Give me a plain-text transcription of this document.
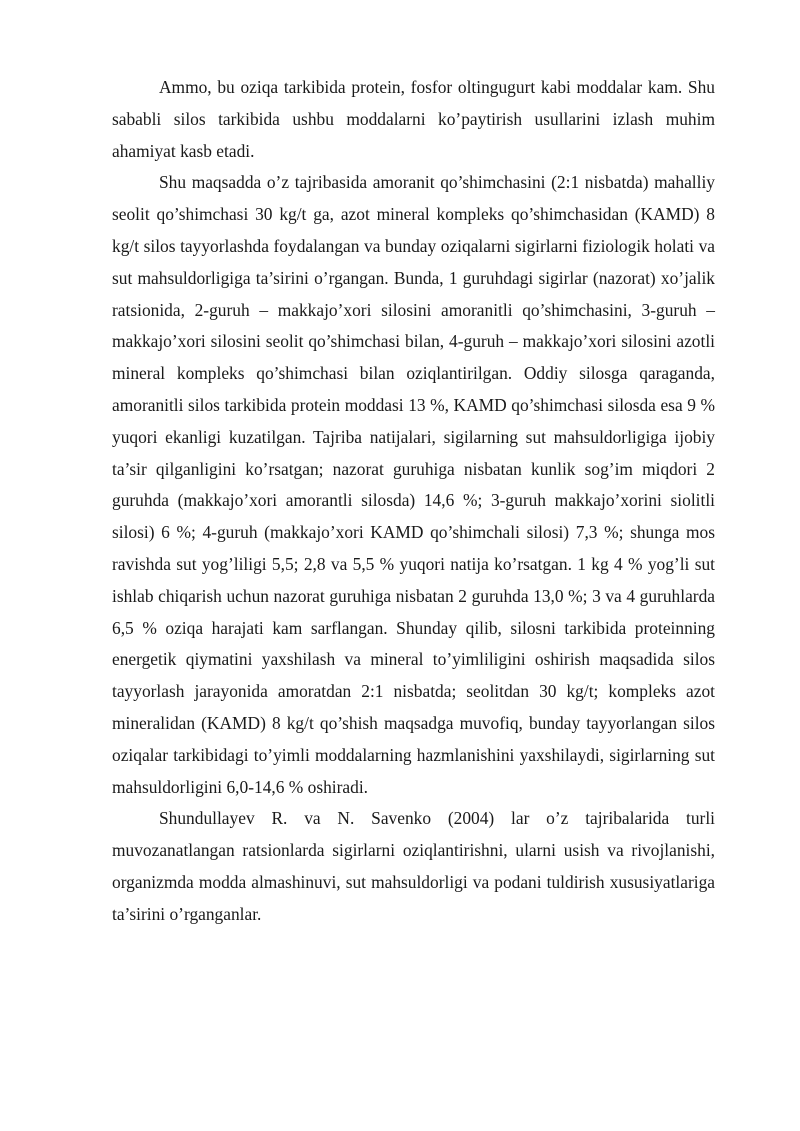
Ammo, bu oziqa tarkibida protein, fosfor oltingugurt kabi moddalar kam. Shu sababli silos tarkibida ushbu moddalarni ko’paytirish usullarini izlash muhim ahamiyat kasb etadi.

Shu maqsadda o’z tajribasida amoranit qo’shimchasini (2:1 nisbatda) mahalliy seolit qo’shimchasi 30 kg/t ga, azot mineral kompleks qo’shimchasidan (KAMD) 8 kg/t silos tayyorlashda foydalangan va bunday oziqalarni sigirlarni fiziologik holati va sut mahsuldorligiga ta’sirini o’rgangan. Bunda, 1 guruhdagi sigirlar (nazorat) xo’jalik ratsionida, 2-guruh – makkajo’xori silosini amoranitli qo’shimchasini, 3-guruh – makkajo’xori silosini seolit qo’shimchasi bilan, 4-guruh – makkajo’xori silosini azotli mineral kompleks qo’shimchasi bilan oziqlantirilgan. Oddiy silosga qaraganda, amoranitli silos tarkibida protein moddasi 13 %, KAMD qo’shimchasi silosda esa 9 % yuqori ekanligi kuzatilgan. Tajriba natijalari, sigilarning sut mahsuldorligiga ijobiy ta’sir qilganligini ko’rsatgan; nazorat guruhiga nisbatan kunlik sog’im miqdori 2 guruhda (makkajo’xori amorantli silosda) 14,6 %; 3-guruh makkajo’xorini siolitli silosi) 6 %; 4-guruh (makkajo’xori KAMD qo’shimchali silosi) 7,3 %; shunga mos ravishda sut yog’liligi 5,5; 2,8 va 5,5 % yuqori natija ko’rsatgan. 1 kg 4 % yog’li sut ishlab chiqarish uchun nazorat guruhiga nisbatan 2 guruhda 13,0 %; 3 va 4 guruhlarda 6,5 % oziqa harajati kam sarflangan. Shunday qilib, silosni tarkibida proteinning energetik qiymatini yaxshilash va mineral to’yimliligini oshirish maqsadida silos tayyorlash jarayonida amoratdan 2:1 nisbatda; seolitdan 30 kg/t; kompleks azot mineralidan (KAMD) 8 kg/t qo’shish maqsadga muvofiq, bunday tayyorlangan silos oziqalar tarkibidagi to’yimli moddalarning hazmlanishini yaxshilaydi, sigirlarning sut mahsuldorligini 6,0-14,6 % oshiradi.

Shundullayev R. va N. Savenko (2004) lar o’z tajribalarida turli muvozanatlangan ratsionlarda sigirlarni oziqlantirishni, ularni usish va rivojlanishi, organizmda modda almashinuvi, sut mahsuldorligi va podani tuldirish xususiyatlariga ta’sirini o’rganganlar.
